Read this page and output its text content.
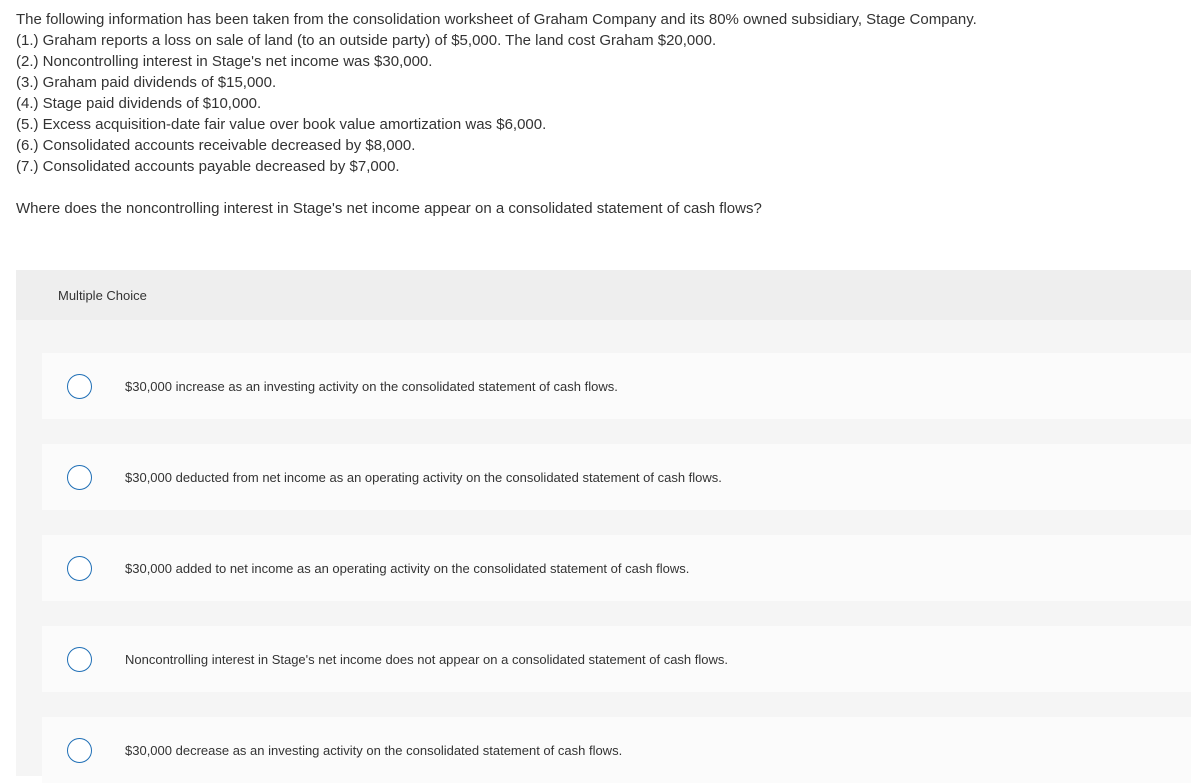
The following information has been taken from the consolidation worksheet of Graham Company and its 80% owned subsidiary, Stage Company.
(1.) Graham reports a loss on sale of land (to an outside party) of $5,000. The land cost Graham $20,000.
(2.) Noncontrolling interest in Stage's net income was $30,000.
(3.) Graham paid dividends of $15,000.
(4.) Stage paid dividends of $10,000.
(5.) Excess acquisition-date fair value over book value amortization was $6,000.
(6.) Consolidated accounts receivable decreased by $8,000.
(7.) Consolidated accounts payable decreased by $7,000.
Where does the noncontrolling interest in Stage's net income appear on a consolidated statement of cash flows?
Multiple Choice
$30,000 increase as an investing activity on the consolidated statement of cash flows.
$30,000 deducted from net income as an operating activity on the consolidated statement of cash flows.
$30,000 added to net income as an operating activity on the consolidated statement of cash flows.
Noncontrolling interest in Stage's net income does not appear on a consolidated statement of cash flows.
$30,000 decrease as an investing activity on the consolidated statement of cash flows.
